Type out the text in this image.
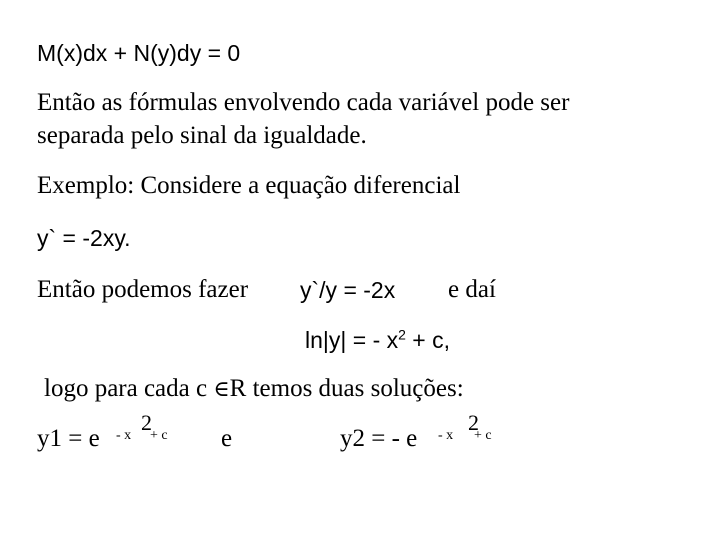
M(x)dx + N(y)dy = 0
Então as fórmulas envolvendo cada variável pode ser
separada pelo sinal da igualdade.
Exemplo: Considere a equação diferencial
y` = -2xy.
Então podemos fazer y`/y = -2x e daí
ln|y| = - $x^2 + c$,
logo para cada c ∈R temos duas soluções:
y1 = e - x
2
+ c e	y2 = - e - x
2
+ c
